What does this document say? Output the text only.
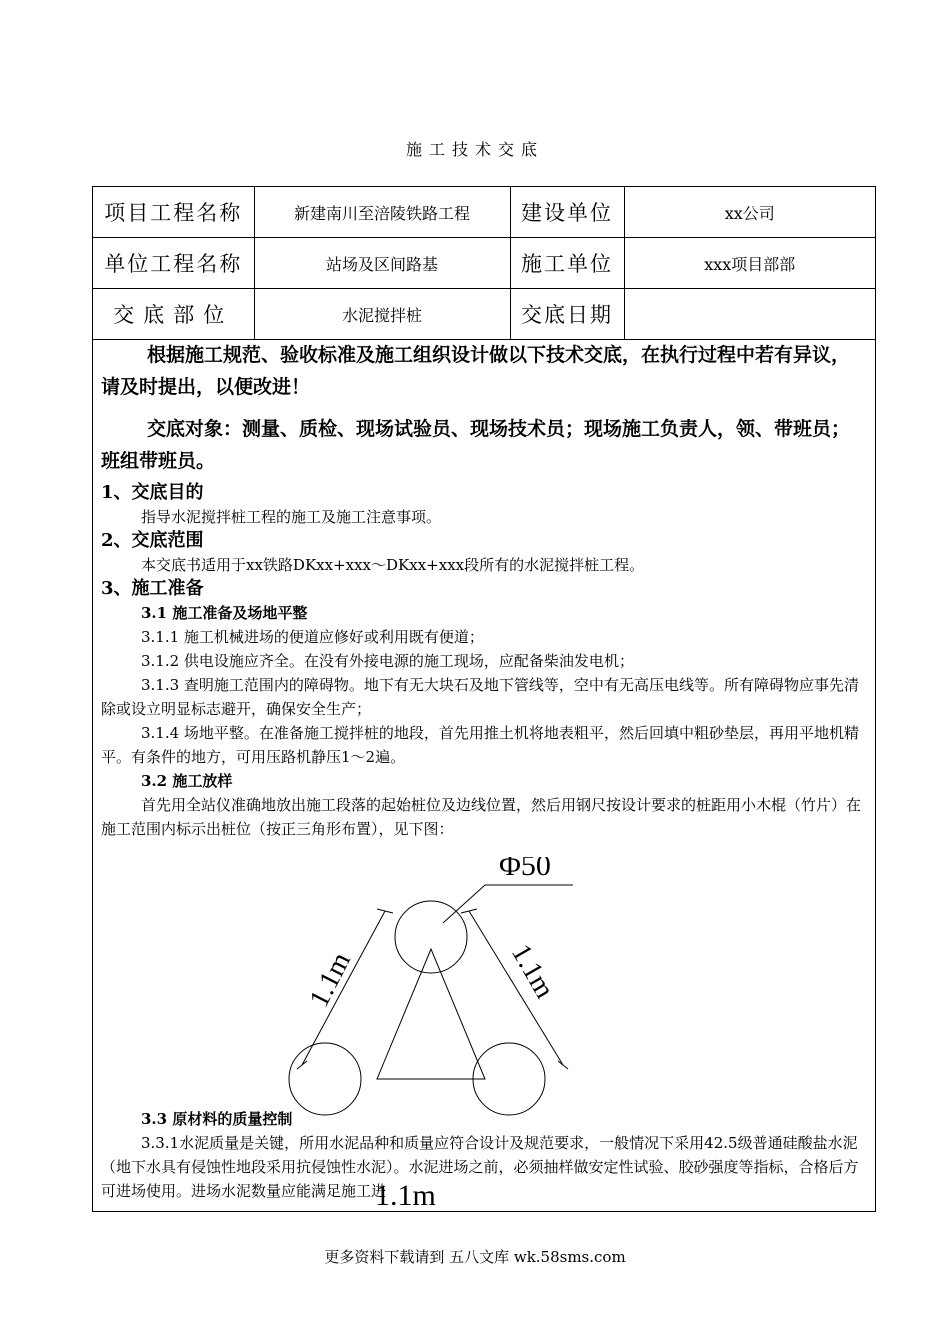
施工技术交底
项目工程名称	新建南川至涪陵铁路工程	建设单位	xx公司
单位工程名称	站场及区间路基	施工单位	xxx项目部部
交底部位	水泥搅拌桩	交底日期	
根据施工规范、验收标准及施工组织设计做以下技术交底，在执行过程中若有异议，请及时提出，以便改进！
交底对象：测量、质检、现场试验员、现场技术员；现场施工负责人，领、带班员；班组带班员。
1、交底目的
指导水泥搅拌桩工程的施工及施工注意事项。
2、交底范围
本交底书适用于xx铁路DKxx+xxx～DKxx+xxx段所有的水泥搅拌桩工程。
3、施工准备
3.1 施工准备及场地平整
3.1.1 施工机械进场的便道应修好或利用既有便道；
3.1.2 供电设施应齐全。在没有外接电源的施工现场，应配备柴油发电机；
3.1.3 查明施工范围内的障碍物。地下有无大块石及地下管线等，空中有无高压电线等。所有障碍物应事先清除或设立明显标志避开，确保安全生产；
3.1.4 场地平整。在准备施工搅拌桩的地段，首先用推土机将地表粗平，然后回填中粗砂垫层，再用平地机精平。有条件的地方，可用压路机静压1～2遍。
3.2 施工放样
首先用全站仪准确地放出施工段落的起始桩位及边线位置，然后用钢尺按设计要求的桩距用小木棍（竹片）在施工范围内标示出桩位（按正三角形布置），见下图：
Φ50
1.1m	1.1m
3.3 原材料的质量控制
3.3.1水泥质量是关键，所用水泥品种和质量应符合设计及规范要求，一般情况下采用42.5级普通硅酸盐水泥（地下水具有侵蚀性地段采用抗侵蚀性水泥）。水泥进场之前，必须抽样做安定性试验、胶砂强度等指标，合格后方可进场使用。进场水泥数量应能满足施工进
1.1m
更多资料下载请到 五八文库 wk.58sms.com
